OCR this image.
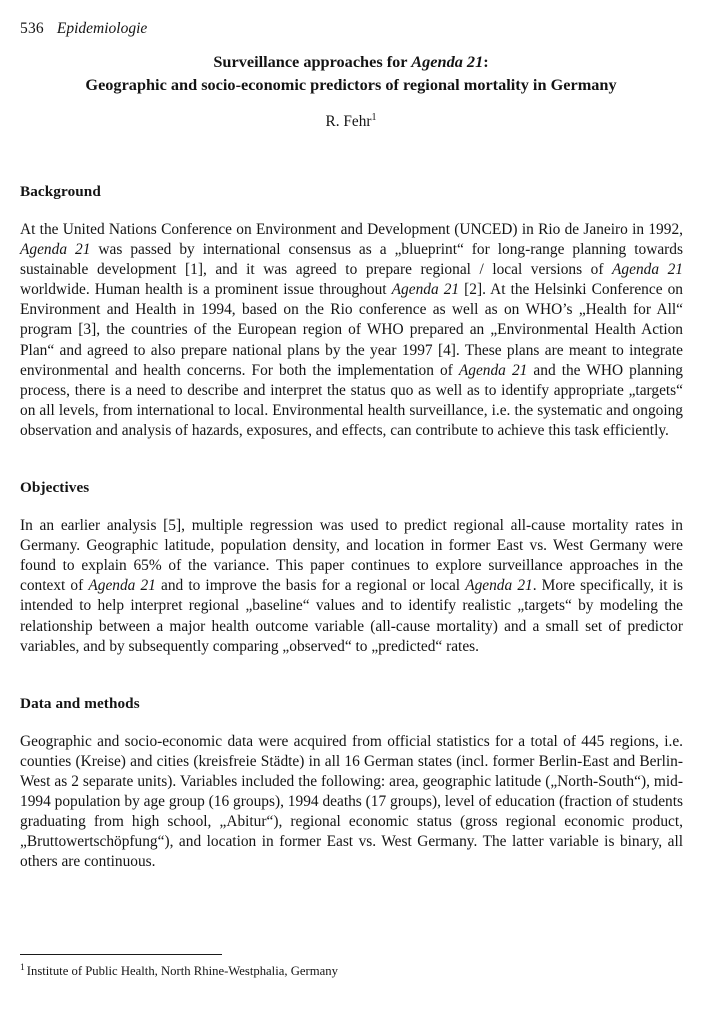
536 Epidemiologie
Surveillance approaches for Agenda 21:
Geographic and socio-economic predictors of regional mortality in Germany
R. Fehr$^1$
Background

At the United Nations Conference on Environment and Development (UNCED) in Rio de Janeiro in 1992, Agenda 21 was passed by international consensus as a „blueprint“ for long-range planning towards sustainable development [1], and it was agreed to prepare regional / local versions of Agenda 21 worldwide. Human health is a prominent issue throughout Agenda 21 [2]. At the Helsinki Conference on Environment and Health in 1994, based on the Rio conference as well as on WHO’s „Health for All“ program [3], the countries of the European region of WHO prepared an „Environmental Health Action Plan“ and agreed to also prepare national plans by the year 1997 [4]. These plans are meant to integrate environmental and health concerns. For both the implementation of Agenda 21 and the WHO planning process, there is a need to describe and interpret the status quo as well as to identify appropriate „targets“ on all levels, from international to local. Environmental health surveillance, i.e. the systematic and ongoing observation and analysis of hazards, exposures, and effects, can contribute to achieve this task efficiently.

Objectives

In an earlier analysis [5], multiple regression was used to predict regional all-cause mortality rates in Germany. Geographic latitude, population density, and location in former East vs. West Germany were found to explain 65% of the variance. This paper continues to explore surveillance approaches in the context of Agenda 21 and to improve the basis for a regional or local Agenda 21. More specifically, it is intended to help interpret regional „baseline“ values and to identify realistic „targets“ by modeling the relationship between a major health outcome variable (all-cause mortality) and a small set of predictor variables, and by subsequently comparing „observed“ to „predicted“ rates.

Data and methods

Geographic and socio-economic data were acquired from official statistics for a total of 445 regions, i.e. counties (Kreise) and cities (kreisfreie Städte) in all 16 German states (incl. former Berlin-East and Berlin-West as 2 separate units). Variables included the following: area, geographic latitude („North-South“), mid-1994 population by age group (16 groups), 1994 deaths (17 groups), level of education (fraction of students graduating from high school, „Abitur“), regional economic status (gross regional economic product, „Bruttowertschöpfung“), and location in former East vs. West Germany. The latter variable is binary, all others are continuous.

$^1$ Institute of Public Health, North Rhine-Westphalia, Germany
